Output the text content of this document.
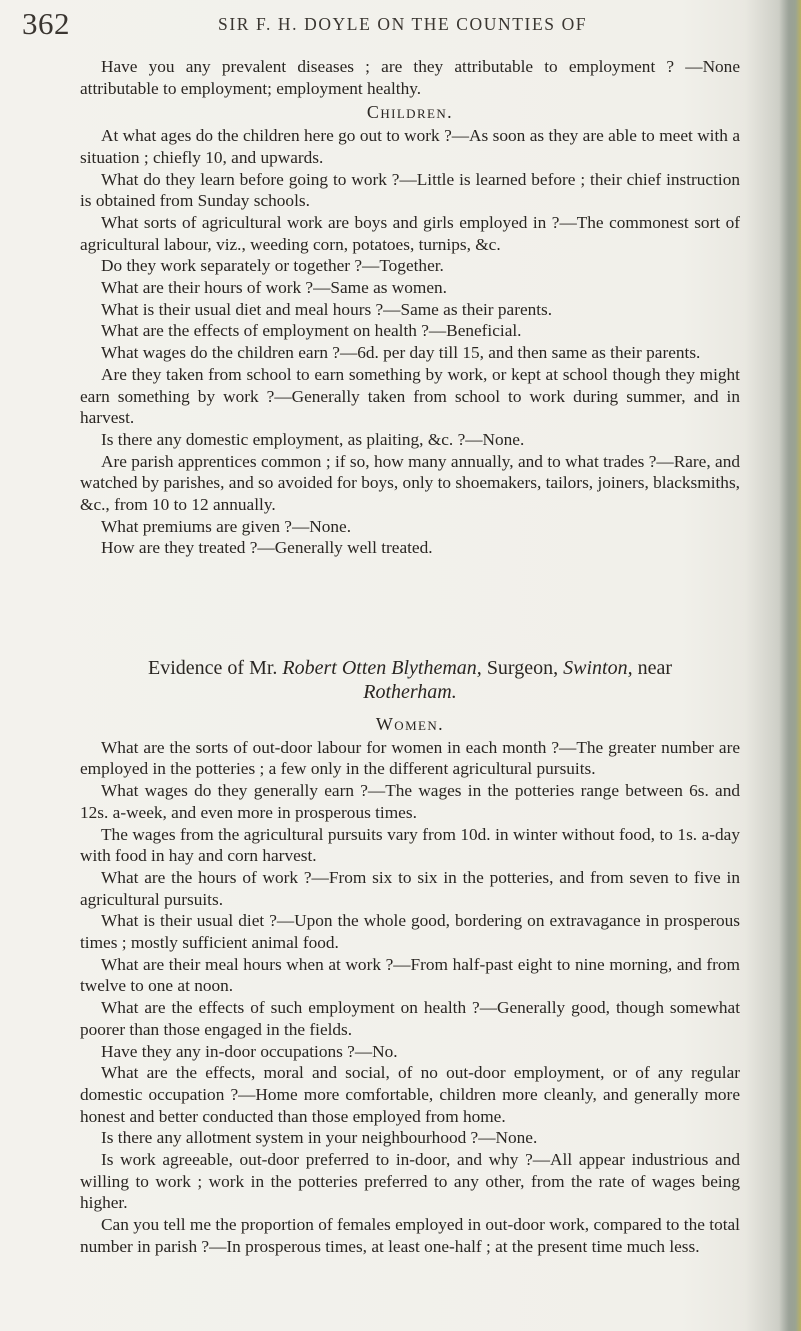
362	SIR F. H. DOYLE ON THE COUNTIES OF

Have you any prevalent diseases ; are they attributable to employment ? —None attributable to employment; employment healthy.

Children.

At what ages do the children here go out to work ?—As soon as they are able to meet with a situation ; chiefly 10, and upwards.

What do they learn before going to work ?—Little is learned before ; their chief instruction is obtained from Sunday schools.

What sorts of agricultural work are boys and girls employed in ?—The commonest sort of agricultural labour, viz., weeding corn, potatoes, turnips, &c.

Do they work separately or together ?—Together.

What are their hours of work ?—Same as women.

What is their usual diet and meal hours ?—Same as their parents.

What are the effects of employment on health ?—Beneficial.

What wages do the children earn ?—6d. per day till 15, and then same as their parents.

Are they taken from school to earn something by work, or kept at school though they might earn something by work ?—Generally taken from school to work during summer, and in harvest.

Is there any domestic employment, as plaiting, &c. ?—None.

Are parish apprentices common ; if so, how many annually, and to what trades ?—Rare, and watched by parishes, and so avoided for boys, only to shoemakers, tailors, joiners, blacksmiths, &c., from 10 to 12 annually.

What premiums are given ?—None.

How are they treated ?—Generally well treated.

Evidence of Mr. Robert Otten Blytheman, Surgeon, Swinton, near
Rotherham.

Women.

What are the sorts of out-door labour for women in each month ?—The greater number are employed in the potteries ; a few only in the different agricultural pursuits.

What wages do they generally earn ?—The wages in the potteries range between 6s. and 12s. a-week, and even more in prosperous times.

The wages from the agricultural pursuits vary from 10d. in winter without food, to 1s. a-day with food in hay and corn harvest.

What are the hours of work ?—From six to six in the potteries, and from seven to five in agricultural pursuits.

What is their usual diet ?—Upon the whole good, bordering on extravagance in prosperous times ; mostly sufficient animal food.

What are their meal hours when at work ?—From half-past eight to nine morning, and from twelve to one at noon.

What are the effects of such employment on health ?—Generally good, though somewhat poorer than those engaged in the fields.

Have they any in-door occupations ?—No.

What are the effects, moral and social, of no out-door employment, or of any regular domestic occupation ?—Home more comfortable, children more cleanly, and generally more honest and better conducted than those employed from home.

Is there any allotment system in your neighbourhood ?—None.

Is work agreeable, out-door preferred to in-door, and why ?—All appear industrious and willing to work ; work in the potteries preferred to any other, from the rate of wages being higher.

Can you tell me the proportion of females employed in out-door work, compared to the total number in parish ?—In prosperous times, at least one-half ; at the present time much less.
